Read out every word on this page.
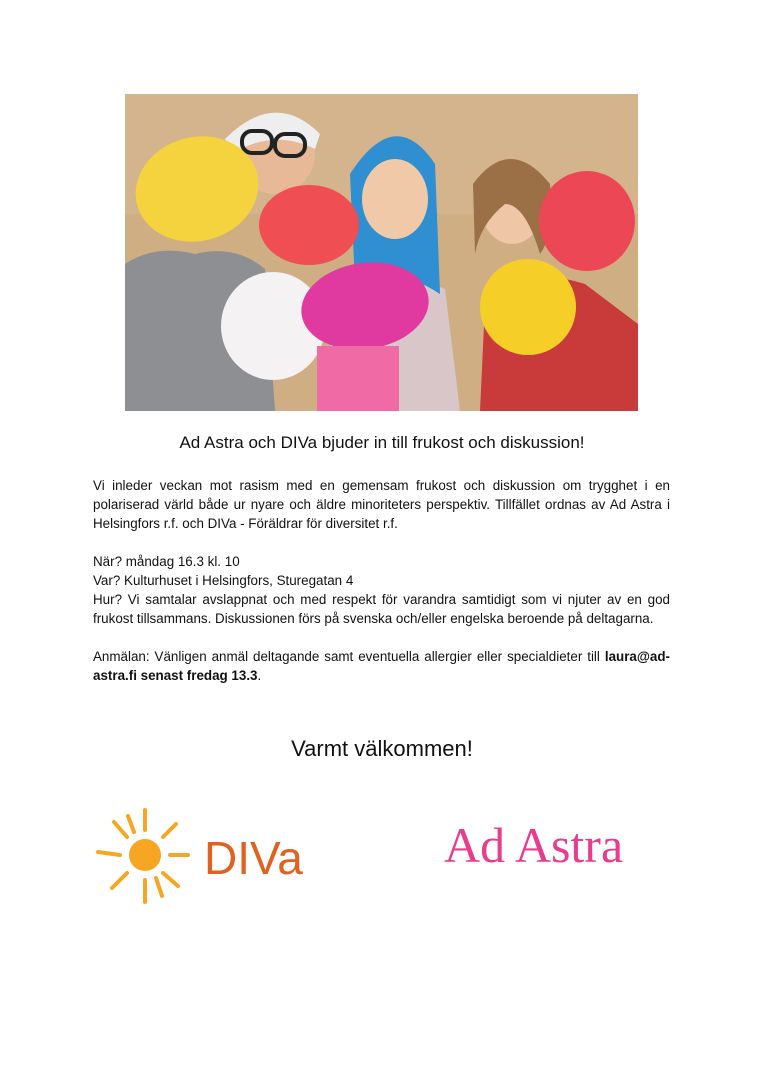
Ad Astra och DIVa bjuder in till frukost och diskussion!

Vi inleder veckan mot rasism med en gemensam frukost och diskussion om trygghet i en polariserad värld både ur nyare och äldre minoriteters perspektiv. Tillfället ordnas av Ad Astra i Helsingfors r.f. och DIVa - Föräldrar för diversitet r.f.

När? måndag 16.3 kl. 10

Var? Kulturhuset i Helsingfors, Sturegatan 4

Hur? Vi samtalar avslappnat och med respekt för varandra samtidigt som vi njuter av en god frukost tillsammans. Diskussionen förs på svenska och/eller engelska beroende på deltagarna.

Anmälan: Vänligen anmäl deltagande samt eventuella allergier eller specialdieter till laura@ad-astra.fi senast fredag 13.3.

Varmt välkommen!
DIVa	Ad Astra
